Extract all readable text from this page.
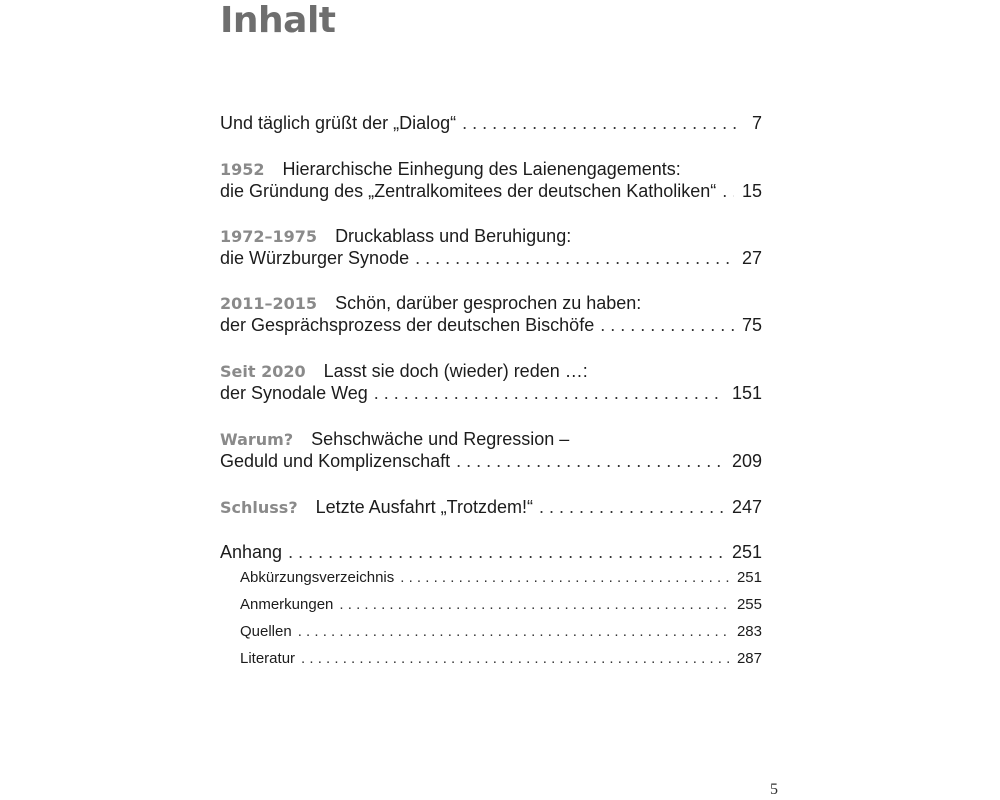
Inhalt
Und täglich grüßt der „Dialog“ . . .	7
1952 Hierarchische Einhegung des Laienengagements:
die Gründung des „Zentralkomitees der deutschen Katholiken“ . . . 15
1972–1975 Druckablass und Beruhigung:
die Würzburger Synode . . .	27
2011–2015 Schön, darüber gesprochen zu haben:
der Gesprächsprozess der deutschen Bischöfe . . .	75
Seit 2020 Lasst sie doch (wieder) reden …:
der Synodale Weg . . .	151
Warum? Sehschwäche und Regression –
Geduld und Komplizenschaft . . .	209
Schluss? Letzte Ausfahrt „Trotzdem!“ . . .	247
Anhang . . .	251
Abkürzungsverzeichnis . . .	251
Anmerkungen . . .	255
Quellen . . .	283
Literatur . . .	287
5
